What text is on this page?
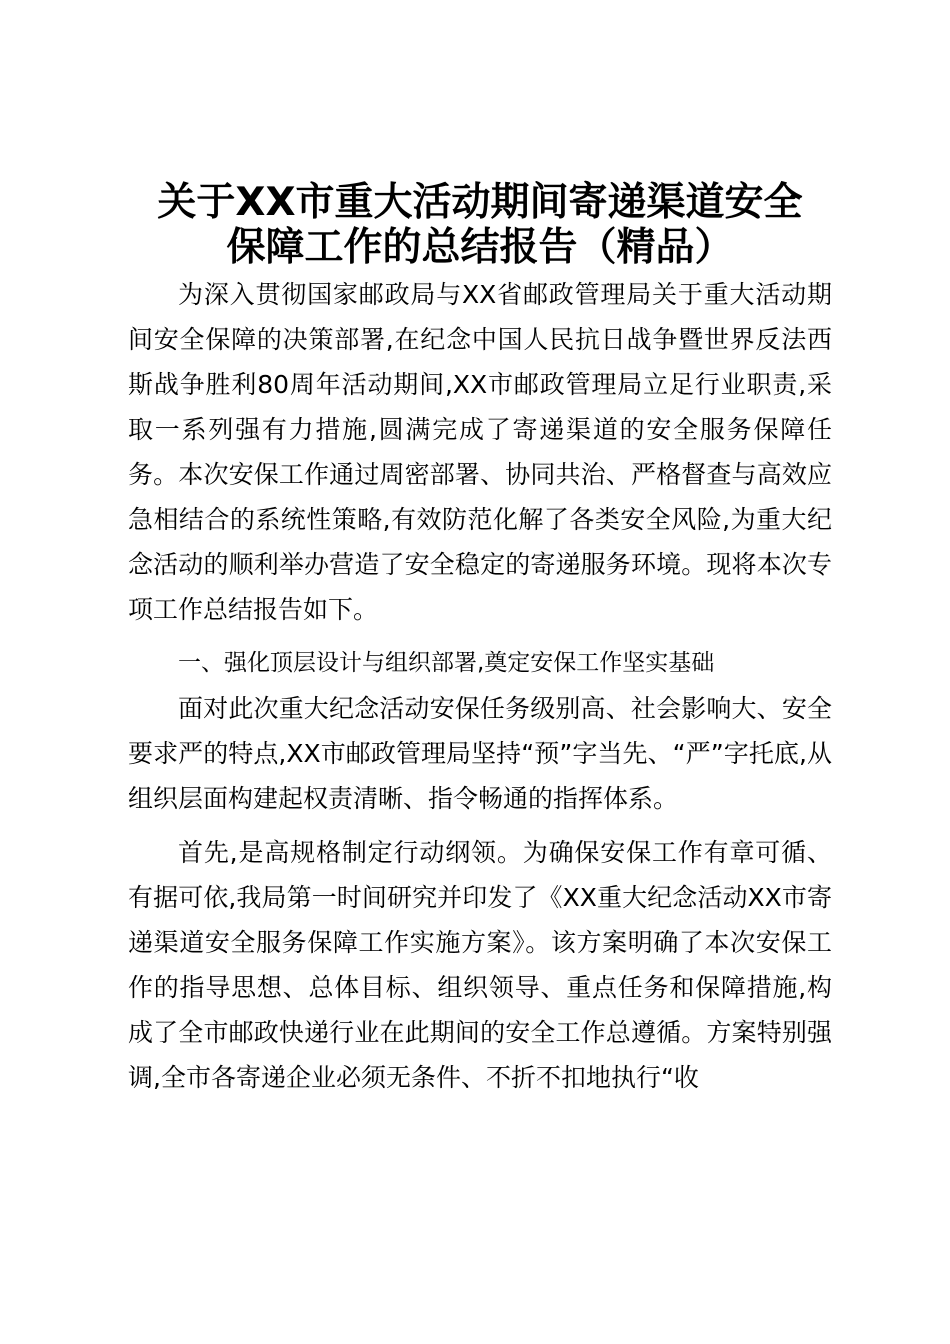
关于XX市重大活动期间寄递渠道安全
保障工作的总结报告（精品）

为深入贯彻国家邮政局与XX省邮政管理局关于重大活动期间安全保障的决策部署,在纪念中国人民抗日战争暨世界反法西斯战争胜利80周年活动期间,XX市邮政管理局立足行业职责,采取一系列强有力措施,圆满完成了寄递渠道的安全服务保障任务。本次安保工作通过周密部署、协同共治、严格督查与高效应急相结合的系统性策略,有效防范化解了各类安全风险,为重大纪念活动的顺利举办营造了安全稳定的寄递服务环境。现将本次专项工作总结报告如下。

一、强化顶层设计与组织部署,奠定安保工作坚实基础

面对此次重大纪念活动安保任务级别高、社会影响大、安全要求严的特点,XX市邮政管理局坚持“预”字当先、“严”字托底,从组织层面构建起权责清晰、指令畅通的指挥体系。

首先,是高规格制定行动纲领。为确保安保工作有章可循、有据可依,我局第一时间研究并印发了《XX重大纪念活动XX市寄递渠道安全服务保障工作实施方案》。该方案明确了本次安保工作的指导思想、总体目标、组织领导、重点任务和保障措施,构成了全市邮政快递行业在此期间的安全工作总遵循。方案特别强调,全市各寄递企业必须无条件、不折不扣地执行“收
